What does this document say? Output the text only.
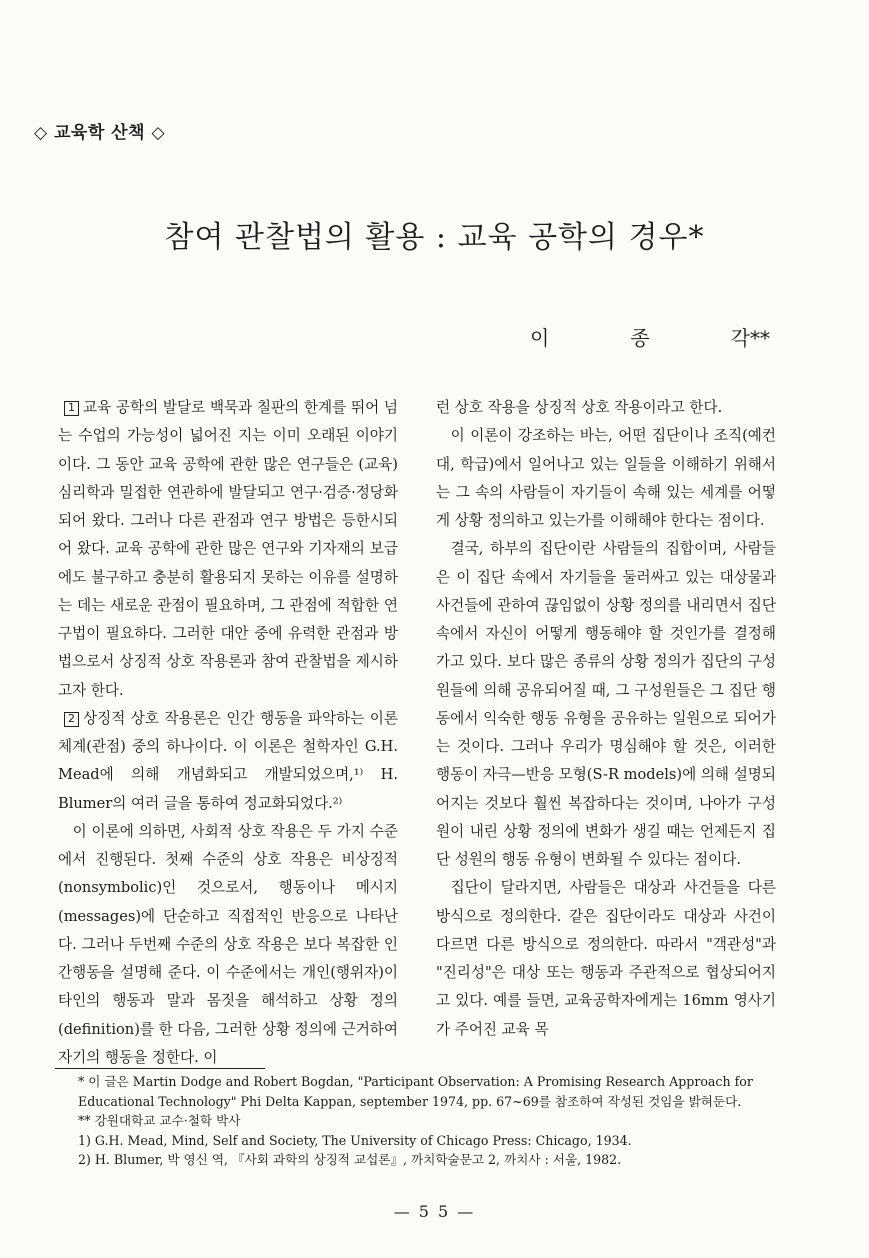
◇ 교육학 산책 ◇
참여 관찰법의 활용 : 교육 공학의 경우*
이	종	각**

1 교육 공학의 발달로 백묵과 칠판의 한계를 뛰어 넘는 수업의 가능성이 넓어진 지는 이미 오래된 이야기이다. 그 동안 교육 공학에 관한 많은 연구들은 (교육)심리학과 밀접한 연관하에 발달되고 연구·검증·정당화되어 왔다. 그러나 다른 관점과 연구 방법은 등한시되어 왔다. 교육 공학에 관한 많은 연구와 기자재의 보급에도 불구하고 충분히 활용되지 못하는 이유를 설명하는 데는 새로운 관점이 필요하며, 그 관점에 적합한 연구법이 필요하다. 그러한 대안 중에 유력한 관점과 방법으로서 상징적 상호 작용론과 참여 관찰법을 제시하고자 한다.

2 상징적 상호 작용론은 인간 행동을 파악하는 이론 체계(관점) 중의 하나이다. 이 이론은 철학자인 G.H. Mead에 의해 개념화되고 개발되었으며,¹⁾ H. Blumer의 여러 글을 통하여 정교화되었다.²⁾

이 이론에 의하면, 사회적 상호 작용은 두 가지 수준에서 진행된다. 첫째 수준의 상호 작용은 비상징적(nonsymbolic)인 것으로서, 행동이나 메시지(messages)에 단순하고 직접적인 반응으로 나타난다. 그러나 두번째 수준의 상호 작용은 보다 복잡한 인간행동을 설명해 준다. 이 수준에서는 개인(행위자)이 타인의 행동과 말과 몸짓을 해석하고 상황 정의(definition)를 한 다음, 그러한 상황 정의에 근거하여 자기의 행동을 정한다. 이

런 상호 작용을 상징적 상호 작용이라고 한다.

이 이론이 강조하는 바는, 어떤 집단이나 조직(예컨대, 학급)에서 일어나고 있는 일들을 이해하기 위해서는 그 속의 사람들이 자기들이 속해 있는 세계를 어떻게 상황 정의하고 있는가를 이해해야 한다는 점이다.

결국, 하부의 집단이란 사람들의 집합이며, 사람들은 이 집단 속에서 자기들을 둘러싸고 있는 대상물과 사건들에 관하여 끊임없이 상황 정의를 내리면서 집단 속에서 자신이 어떻게 행동해야 할 것인가를 결정해 가고 있다. 보다 많은 종류의 상황 정의가 집단의 구성원들에 의해 공유되어질 때, 그 구성원들은 그 집단 행동에서 익숙한 행동 유형을 공유하는 일원으로 되어가는 것이다. 그러나 우리가 명심해야 할 것은, 이러한 행동이 자극—반응 모형(S-R models)에 의해 설명되어지는 것보다 훨씬 복잡하다는 것이며, 나아가 구성원이 내린 상황 정의에 변화가 생길 때는 언제든지 집단 성원의 행동 유형이 변화될 수 있다는 점이다.

집단이 달라지면, 사람들은 대상과 사건들을 다른 방식으로 정의한다. 같은 집단이라도 대상과 사건이 다르면 다른 방식으로 정의한다. 따라서 "객관성"과 "진리성"은 대상 또는 행동과 주관적으로 협상되어지고 있다. 예를 들면, 교육공학자에게는 16mm 영사기가 주어진 교육 목

* 이 글은 Martin Dodge and Robert Bogdan, "Participant Observation: A Promising Research Approach for Educational Technology" Phi Delta Kappan, september 1974, pp. 67~69를 참조하여 작성된 것임을 밝혀둔다.
** 강원대학교 교수·철학 박사
1) G.H. Mead, Mind, Self and Society, The University of Chicago Press: Chicago, 1934.
2) H. Blumer, 박 영신 역, 『사회 과학의 상징적 교섭론』, 까치학술문고 2, 까치사 : 서울, 1982.
— 5 5 —
